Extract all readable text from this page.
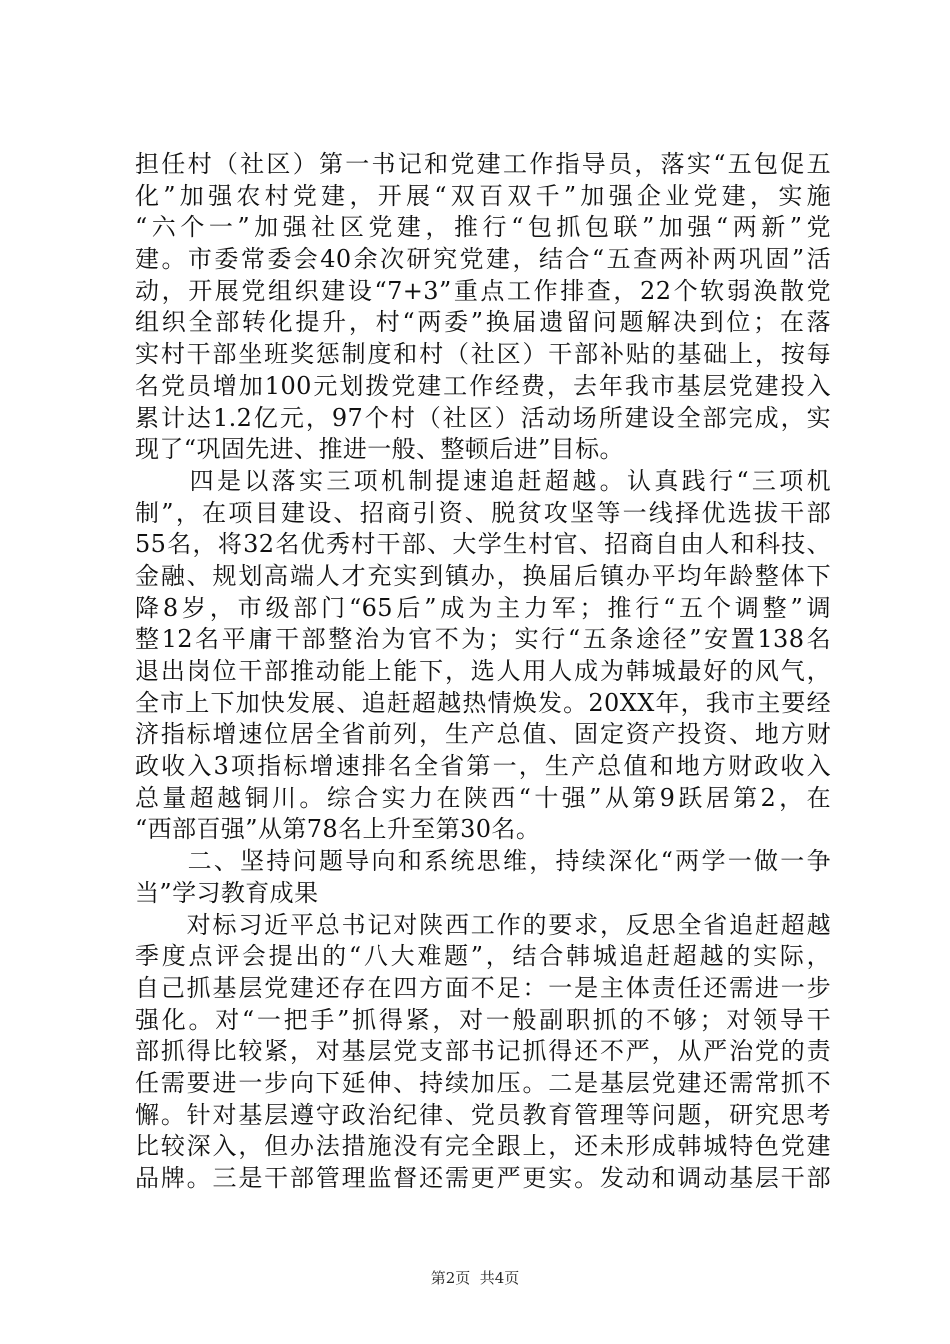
担任村（社区）第一书记和党建工作指导员，落实“五包促五
化”加强农村党建，开展“双百双千”加强企业党建，实施
“六个一”加强社区党建，推行“包抓包联”加强“两新”党
建。市委常委会40余次研究党建，结合“五查两补两巩固”活
动，开展党组织建设“7+3”重点工作排查，22个软弱涣散党
组织全部转化提升，村“两委”换届遗留问题解决到位；在落
实村干部坐班奖惩制度和村（社区）干部补贴的基础上，按每
名党员增加100元划拨党建工作经费，去年我市基层党建投入
累计达1.2亿元，97个村（社区）活动场所建设全部完成，实
现了“巩固先进、推进一般、整顿后进”目标。
　　四是以落实三项机制提速追赶超越。认真践行“三项机
制”，在项目建设、招商引资、脱贫攻坚等一线择优选拔干部
55名，将32名优秀村干部、大学生村官、招商自由人和科技、
金融、规划高端人才充实到镇办，换届后镇办平均年龄整体下
降8岁，市级部门“65后”成为主力军；推行“五个调整”调
整12名平庸干部整治为官不为；实行“五条途径”安置138名
退出岗位干部推动能上能下，选人用人成为韩城最好的风气，
全市上下加快发展、追赶超越热情焕发。20XX年，我市主要经
济指标增速位居全省前列，生产总值、固定资产投资、地方财
政收入3项指标增速排名全省第一，生产总值和地方财政收入
总量超越铜川。综合实力在陕西“十强”从第9跃居第2，在
“西部百强”从第78名上升至第30名。
　　二、坚持问题导向和系统思维，持续深化“两学一做一争
当”学习教育成果
　　对标习近平总书记对陕西工作的要求，反思全省追赶超越
季度点评会提出的“八大难题”，结合韩城追赶超越的实际，
自己抓基层党建还存在四方面不足：一是主体责任还需进一步
强化。对“一把手”抓得紧，对一般副职抓的不够；对领导干
部抓得比较紧，对基层党支部书记抓得还不严，从严治党的责
任需要进一步向下延伸、持续加压。二是基层党建还需常抓不
懈。针对基层遵守政治纪律、党员教育管理等问题，研究思考
比较深入，但办法措施没有完全跟上，还未形成韩城特色党建
品牌。三是干部管理监督还需更严更实。发动和调动基层干部
第2页  共4页
